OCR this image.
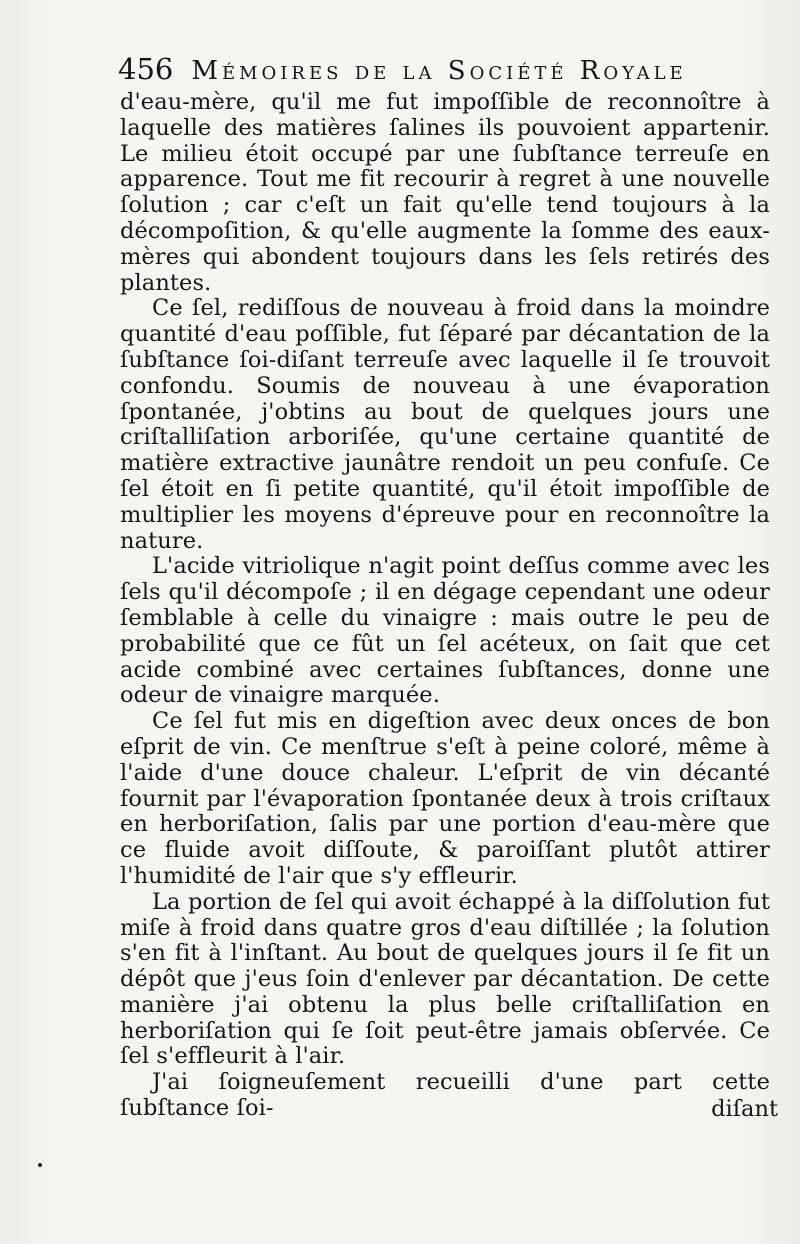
456 Mémoires de la Société Royale

d'eau-mère, qu'il me fut impoſſible de reconnoître à laquelle des matières ſalines ils pouvoient appartenir. Le milieu étoit occupé par une ſubſtance terreuſe en apparence. Tout me fit recourir à regret à une nouvelle ſolution ; car c'eſt un fait qu'elle tend toujours à la décompoſition, & qu'elle augmente la ſomme des eaux-mères qui abondent toujours dans les ſels retirés des plantes.

Ce ſel, rediſſous de nouveau à froid dans la moindre quantité d'eau poſſible, fut ſéparé par décantation de la ſubſtance ſoi-diſant terreuſe avec laquelle il ſe trouvoit confondu. Soumis de nouveau à une évaporation ſpontanée, j'obtins au bout de quelques jours une criſtalliſation arboriſée, qu'une certaine quantité de matière extractive jaunâtre rendoit un peu confuſe. Ce ſel étoit en ſi petite quantité, qu'il étoit impoſſible de multiplier les moyens d'épreuve pour en reconnoître la nature.

L'acide vitriolique n'agit point deſſus comme avec les ſels qu'il décompoſe ; il en dégage cependant une odeur ſemblable à celle du vinaigre : mais outre le peu de probabilité que ce fût un ſel acéteux, on ſait que cet acide combiné avec certaines ſubſtances, donne une odeur de vinaigre marquée.

Ce ſel fut mis en digeſtion avec deux onces de bon eſprit de vin. Ce menſtrue s'eſt à peine coloré, même à l'aide d'une douce chaleur. L'eſprit de vin décanté fournit par l'évaporation ſpontanée deux à trois criſtaux en herboriſation, ſalis par une portion d'eau-mère que ce fluide avoit diſſoute, & paroiſſant plutôt attirer l'humidité de l'air que s'y effleurir.

La portion de ſel qui avoit échappé à la diſſolution fut miſe à froid dans quatre gros d'eau diſtillée ; la ſolution s'en fit à l'inſtant. Au bout de quelques jours il ſe fit un dépôt que j'eus ſoin d'enlever par décantation. De cette manière j'ai obtenu la plus belle criſtalliſation en herboriſation qui ſe ſoit peut-être jamais obſervée. Ce ſel s'effleurit à l'air.

J'ai ſoigneuſement recueilli d'une part cette ſubſtance ſoi-	diſant
